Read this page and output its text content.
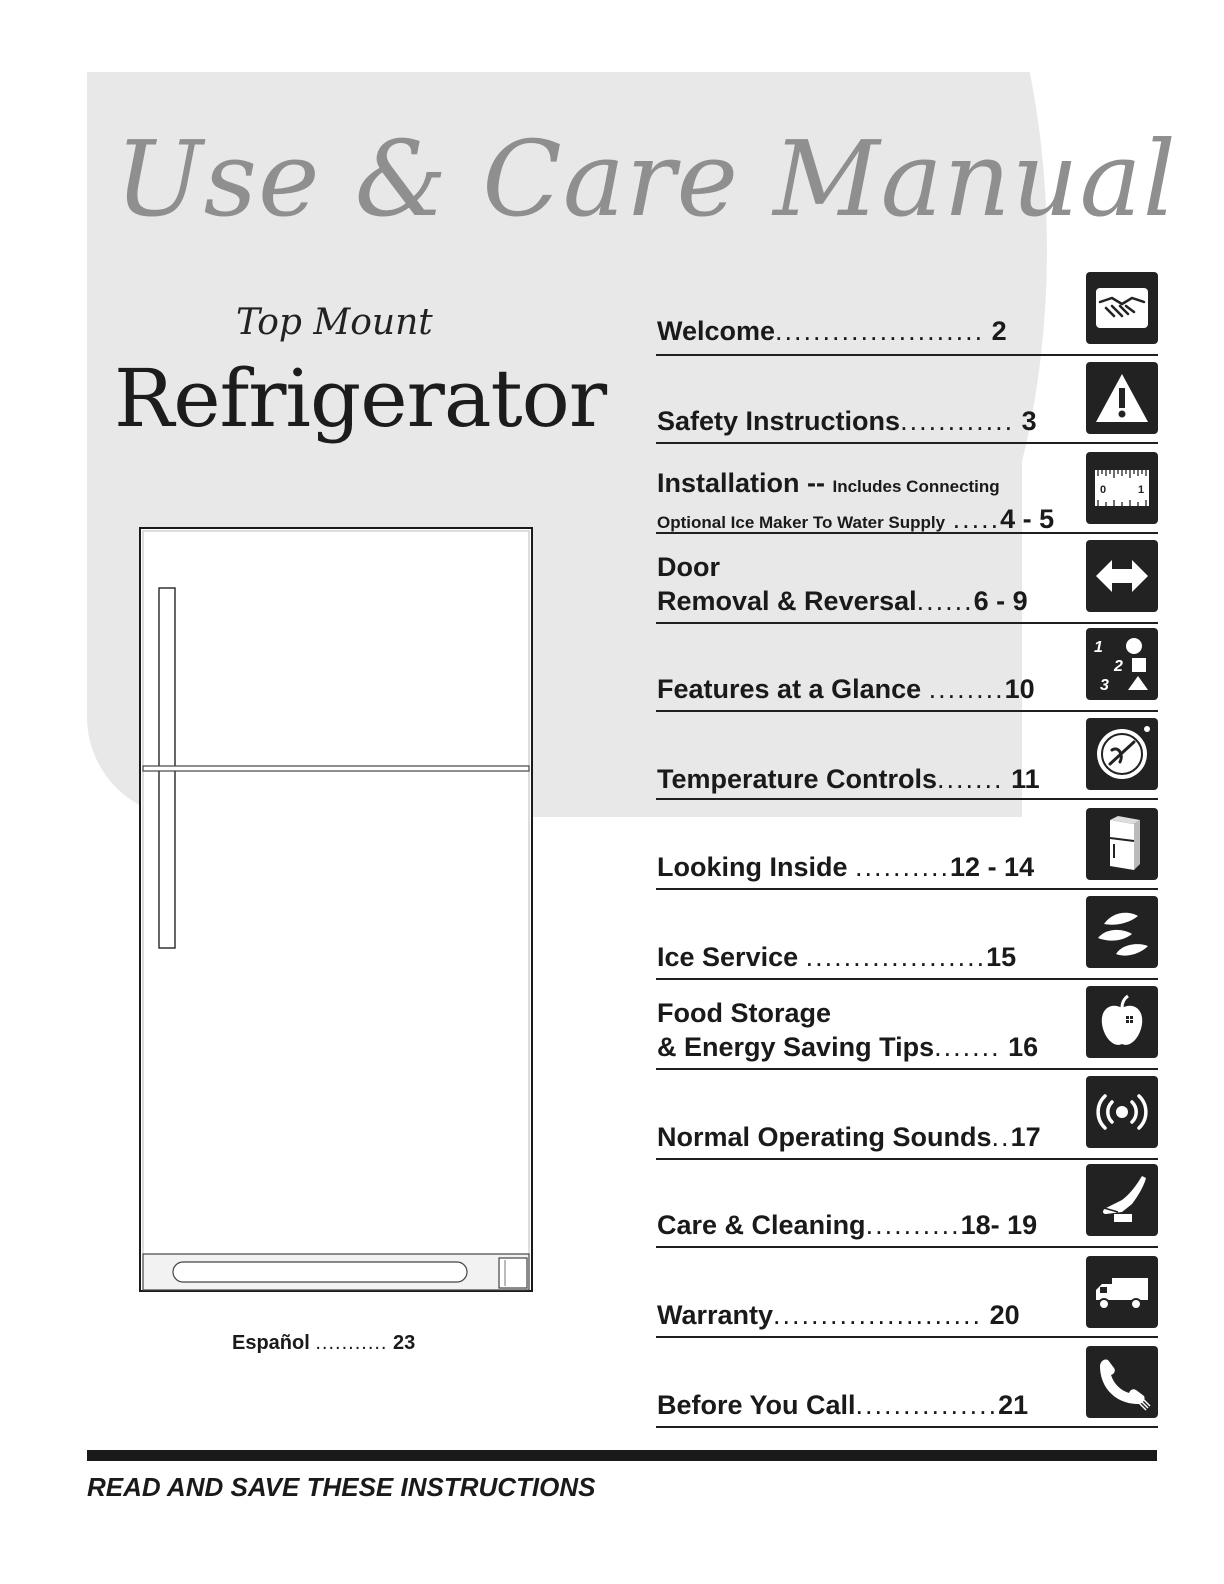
Use & Care Manual
Top Mount
Refrigerator
Español ........... 23
Welcome...................... 2
Safety Instructions............ 3
Installation -- Includes Connecting
Optional Ice Maker To Water Supply .....4 - 5
0	1
Door
Removal & Reversal......6 - 9
Features at a Glance ........10
1
2
3
Temperature Controls....... 11
Looking Inside ..........12 - 14
Ice Service ...................15
Food Storage
& Energy Saving Tips....... 16
Normal Operating Sounds..17
Care & Cleaning..........18- 19
Warranty...................... 20
Before You Call...............21
READ AND SAVE THESE INSTRUCTIONS
